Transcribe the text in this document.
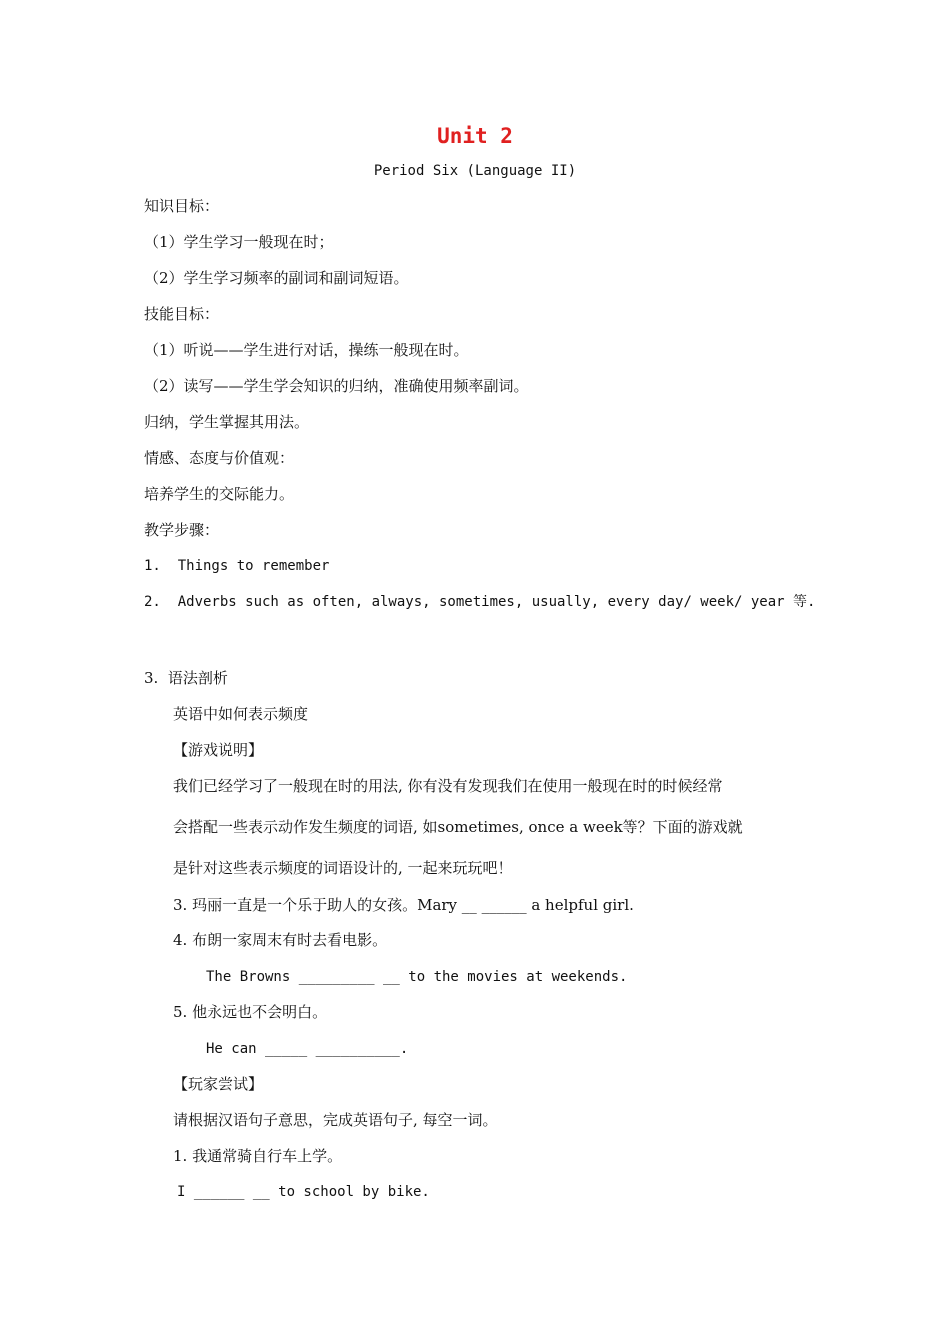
Unit 2
Period Six (Language II)
知识目标：
（1）学生学习一般现在时；
（2）学生学习频率的副词和副词短语。
技能目标：
（1）听说——学生进行对话，操练一般现在时。
（2）读写——学生学会知识的归纳，准确使用频率副词。
归纳，学生掌握其用法。
情感、态度与价值观：
培养学生的交际能力。
教学步骤：
1.  Things to remember
2.  Adverbs such as often, always, sometimes, usually, every day/ week/ year 等.
3.  语法剖析
英语中如何表示频度
【游戏说明】
我们已经学习了一般现在时的用法, 你有没有发现我们在使用一般现在时的时候经常
会搭配一些表示动作发生频度的词语, 如sometimes, once a week等？下面的游戏就
是针对这些表示频度的词语设计的, 一起来玩玩吧！
3. 玛丽一直是一个乐于助人的女孩。Mary __ ______ a helpful girl.
4. 布朗一家周末有时去看电影。
The Browns _________ __ to the movies at weekends.
5. 他永远也不会明白。
He can _____ __________.
【玩家尝试】
请根据汉语句子意思，完成英语句子, 每空一词。
1. 我通常骑自行车上学。
I ______ __ to school by bike.
